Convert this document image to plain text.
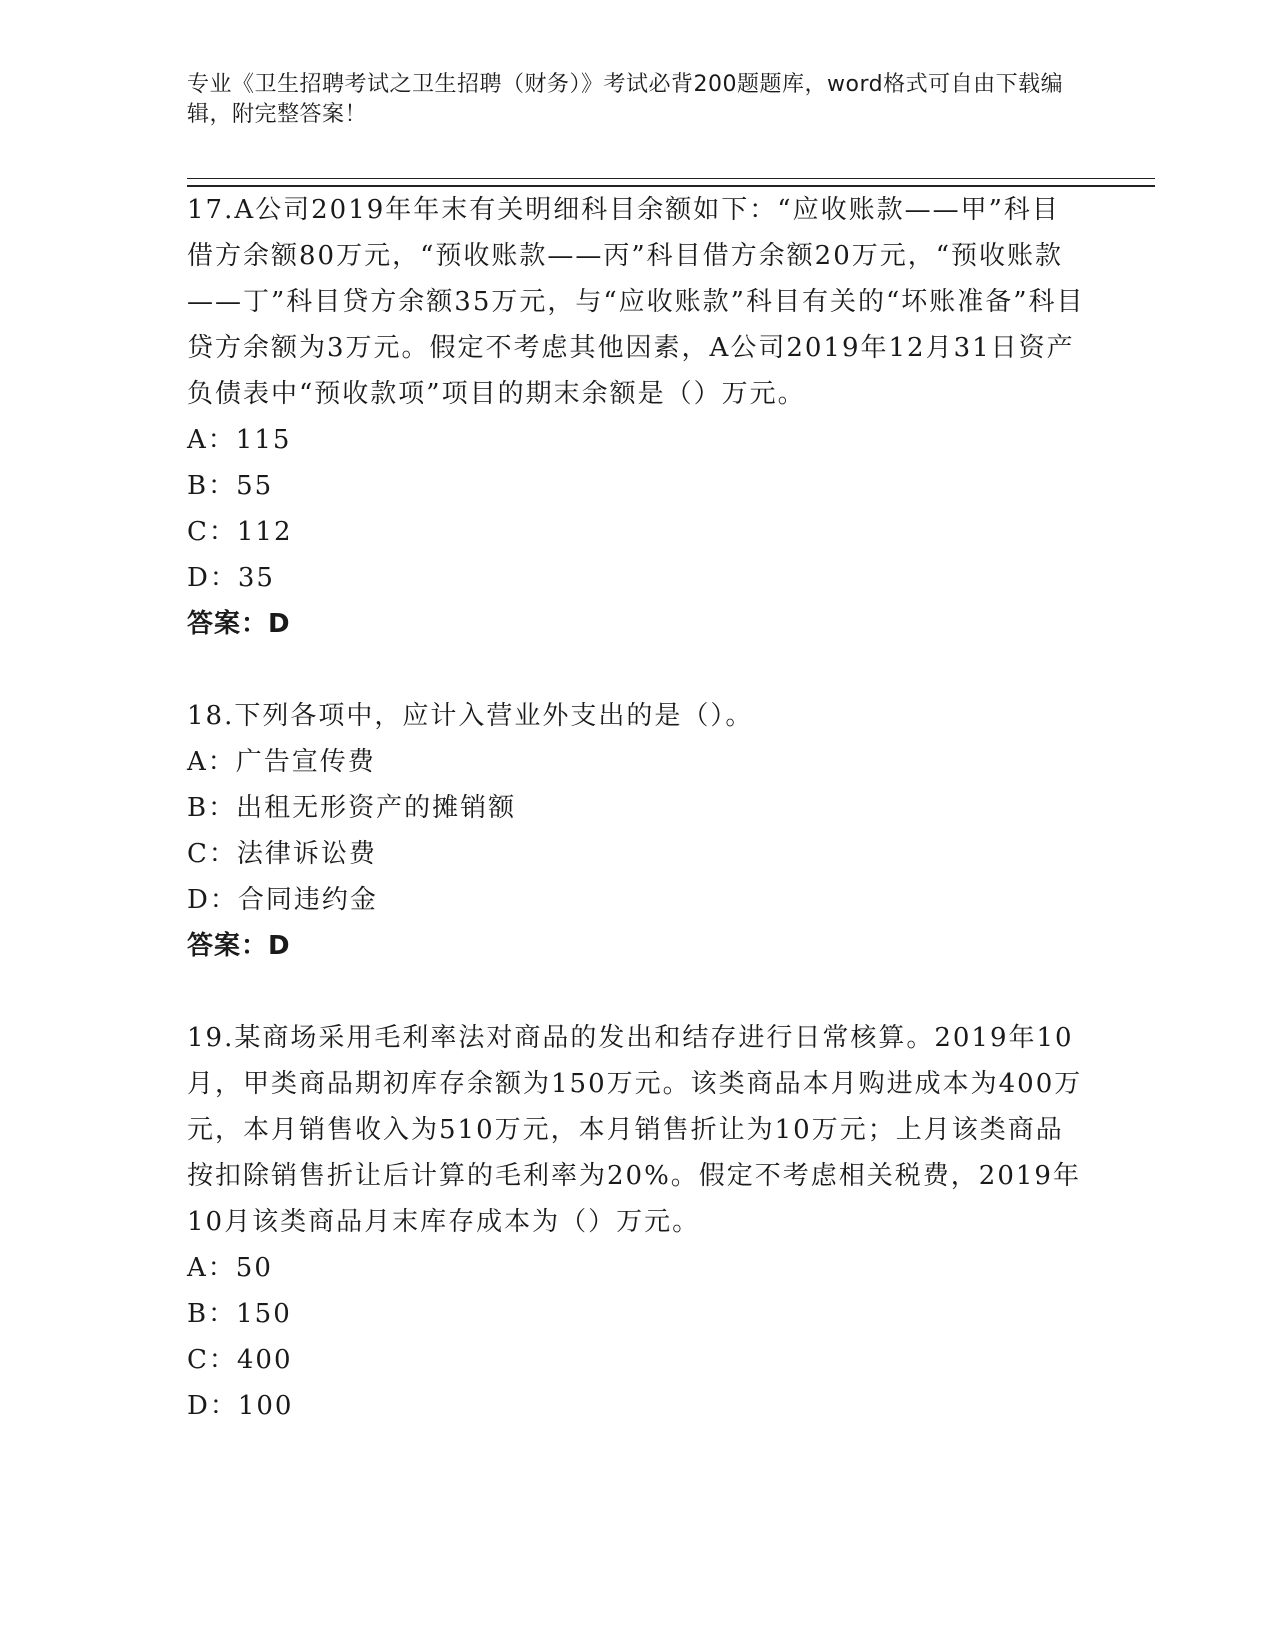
专业《卫生招聘考试之卫生招聘（财务）》考试必背200题题库，word格式可自由下载编辑，附完整答案！
17.A公司2019年年末有关明细科目余额如下：“应收账款——甲”科目借方余额80万元，“预收账款——丙”科目借方余额20万元，“预收账款——丁”科目贷方余额35万元，与“应收账款”科目有关的“坏账准备”科目贷方余额为3万元。假定不考虑其他因素，A公司2019年12月31日资产负债表中“预收款项”项目的期末余额是（）万元。
A：115
B：55
C：112
D：35
答案：D
18.下列各项中，应计入营业外支出的是（）。
A：广告宣传费
B：出租无形资产的摊销额
C：法律诉讼费
D：合同违约金
答案：D
19.某商场采用毛利率法对商品的发出和结存进行日常核算。2019年10月，甲类商品期初库存余额为150万元。该类商品本月购进成本为400万元，本月销售收入为510万元，本月销售折让为10万元；上月该类商品按扣除销售折让后计算的毛利率为20%。假定不考虑相关税费，2019年10月该类商品月末库存成本为（）万元。
A：50
B：150
C：400
D：100
